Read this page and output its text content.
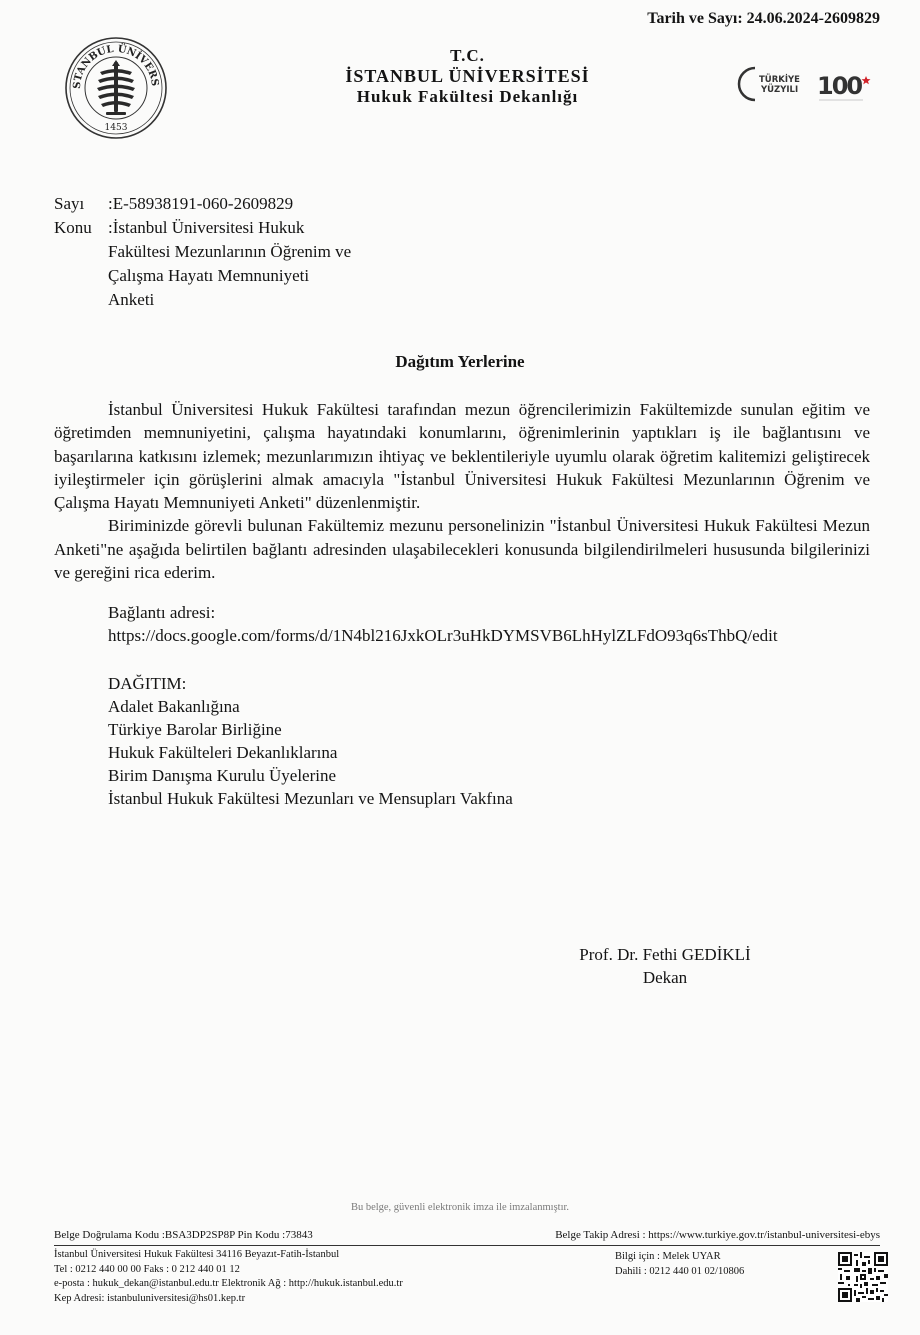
Tarih ve Sayı: 24.06.2024-2609829
STANBUL ÜNİVERS
1453
T.C.
İSTANBUL ÜNİVERSİTESİ
Hukuk Fakültesi Dekanlığı
TÜRKİYE
YÜZYILI 100
Sayı	:E-58938191-060-2609829
Konu :İstanbul Üniversitesi Hukuk
Fakültesi Mezunlarının Öğrenim ve
Çalışma Hayatı Memnuniyeti
Anketi
Dağıtım Yerlerine

İstanbul Üniversitesi Hukuk Fakültesi tarafından mezun öğrencilerimizin Fakültemizde sunulan eğitim ve öğretimden memnuniyetini, çalışma hayatındaki konumlarını, öğrenimlerinin yaptıkları iş ile bağlantısını ve başarılarına katkısını izlemek; mezunlarımızın ihtiyaç ve beklentileriyle uyumlu olarak öğretim kalitemizi geliştirecek iyileştirmeler için görüşlerini almak amacıyla "İstanbul Üniversitesi Hukuk Fakültesi Mezunlarının Öğrenim ve Çalışma Hayatı Memnuniyeti Anketi" düzenlenmiştir.

Biriminizde görevli bulunan Fakültemiz mezunu personelinizin "İstanbul Üniversitesi Hukuk Fakültesi Mezun Anketi"ne aşağıda belirtilen bağlantı adresinden ulaşabilecekleri konusunda bilgilendirilmeleri hususunda bilgilerinizi ve gereğini rica ederim.

Bağlantı adresi:
https://docs.google.com/forms/d/1N4bl216JxkOLr3uHkDYMSVB6LhHylZLFdO93q6sThbQ/edit
DAĞITIM:
Adalet Bakanlığına
Türkiye Barolar Birliğine
Hukuk Fakülteleri Dekanlıklarına
Birim Danışma Kurulu Üyelerine
İstanbul Hukuk Fakültesi Mezunları ve Mensupları Vakfına
Prof. Dr. Fethi GEDİKLİ
Dekan
Bu belge, güvenli elektronik imza ile imzalanmıştır.
Belge Doğrulama Kodu :BSA3DP2SP8P Pin Kodu :73843	Belge Takip Adresi : https://www.turkiye.gov.tr/istanbul-universitesi-ebys
İstanbul Üniversitesi Hukuk Fakültesi 34116 Beyazıt-Fatih-İstanbul
Tel : 0212 440 00 00 Faks : 0 212 440 01 12
e-posta : hukuk_dekan@istanbul.edu.tr Elektronik Ağ : http://hukuk.istanbul.edu.tr
Kep Adresi: istanbuluniversitesi@hs01.kep.tr
Bilgi için : Melek UYAR
Dahili : 0212 440 01 02/10806
